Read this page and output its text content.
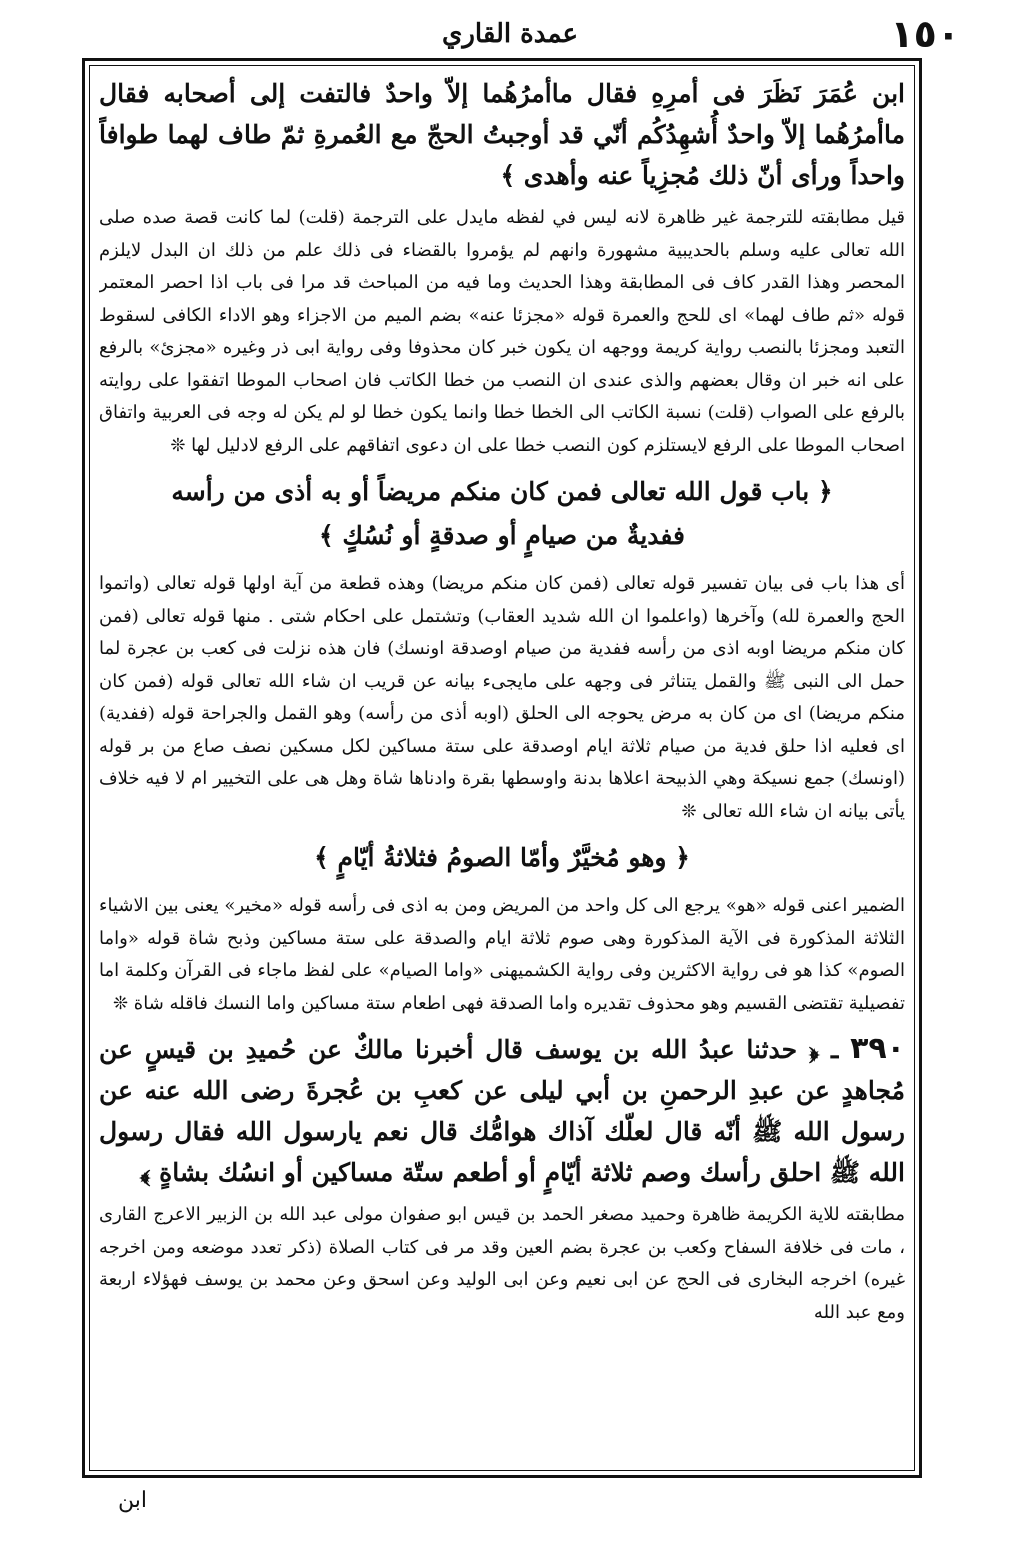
١٥٠
عمدة القاري

ابن عُمَرَ نَظَرَ فى أمرِهِ فقال ماأمرُهُما إلاّ واحدٌ فالتفت إلى أصحابه فقال ماأمرُهُما إلاّ واحدٌ أُشهِدُكُم أنّي قد أوجبتُ الحجّ مع العُمرةِ ثمّ طاف لهما طوافاً واحداً ورأى أنّ ذلك مُجزِياً عنه وأهدى ﴾

قيل مطابقته للترجمة غير ظاهرة لانه ليس في لفظه مايدل على الترجمة (قلت) لما كانت قصة صده صلى الله تعالى عليه وسلم بالحديبية مشهورة وانهم لم يؤمروا بالقضاء فى ذلك علم من ذلك ان البدل لايلزم المحصر وهذا القدر كاف فى المطابقة وهذا الحديث وما فيه من المباحث قد مرا فى باب اذا احصر المعتمر قوله «ثم طاف لهما» اى للحج والعمرة قوله «مجزئا عنه» بضم الميم من الاجزاء وهو الاداء الكافى لسقوط التعبد ومجزئا بالنصب رواية كريمة ووجهه ان يكون خبر كان محذوفا وفى رواية ابى ذر وغيره «مجزئ» بالرفع على انه خبر ان وقال بعضهم والذى عندى ان النصب من خطا الكاتب فان اصحاب الموطا اتفقوا على روايته بالرفع على الصواب (قلت) نسبة الكاتب الى الخطا خطا وانما يكون خطا لو لم يكن له وجه فى العربية واتفاق اصحاب الموطا على الرفع لايستلزم كون النصب خطا على ان دعوى اتفاقهم على الرفع لادليل لها ❊

﴿ باب قول الله تعالى فمن كان منكم مريضاً أو به أذى من رأسه
ففديةٌ من صيامٍ أو صدقةٍ أو نُسُكٍ ﴾

أى هذا باب فى بيان تفسير قوله تعالى (فمن كان منكم مريضا) وهذه قطعة من آية اولها قوله تعالى (واتموا الحج والعمرة لله) وآخرها (واعلموا ان الله شديد العقاب) وتشتمل على احكام شتى . منها قوله تعالى (فمن كان منكم مريضا اوبه اذى من رأسه ففدية من صيام اوصدقة اونسك) فان هذه نزلت فى كعب بن عجرة لما حمل الى النبى ﷺ والقمل يتناثر فى وجهه على مايجىء بيانه عن قريب ان شاء الله تعالى قوله (فمن كان منكم مريضا) اى من كان به مرض يحوجه الى الحلق (اوبه أذى من رأسه) وهو القمل والجراحة قوله (ففدية) اى فعليه اذا حلق فدية من صيام ثلاثة ايام اوصدقة على ستة مساكين لكل مسكين نصف صاع من بر قوله (اونسك) جمع نسيكة وهي الذبيحة اعلاها بدنة واوسطها بقرة وادناها شاة وهل هى على التخيير ام لا فيه خلاف يأتى بيانه ان شاء الله تعالى ❊

﴿ وهو مُخيَّرٌ وأمّا الصومُ فثلاثةُ أيّامٍ ﴾

الضمير اعنى قوله «هو» يرجع الى كل واحد من المريض ومن به اذى فى رأسه قوله «مخير» يعنى بين الاشياء الثلاثة المذكورة فى الآية المذكورة وهى صوم ثلاثة ايام والصدقة على ستة مساكين وذبح شاة قوله «واما الصوم» كذا هو فى رواية الاكثرين وفى رواية الكشميهنى «واما الصيام» على لفظ ماجاء فى القرآن وكلمة اما تفصيلية تقتضى القسيم وهو محذوف تقديره واما الصدقة فهى اطعام ستة مساكين واما النسك فاقله شاة ❊

٣٩٠ ـ ﴿ حدثنا عبدُ الله بن يوسف قال أخبرنا مالكٌ عن حُميدِ بن قيسٍ عن مُجاهدٍ عن عبدِ الرحمنِ بن أبي ليلى عن كعبِ بن عُجرةَ رضى الله عنه عن رسول الله ﷺ أنّه قال لعلّك آذاك هوامُّك قال نعم يارسول الله فقال رسول الله ﷺ احلق رأسك وصم ثلاثة أيّامٍ أو أطعم ستّة مساكين أو انسُك بشاةٍ ﴾

مطابقته للاية الكريمة ظاهرة وحميد مصغر الحمد بن قيس ابو صفوان مولى عبد الله بن الزبير الاعرج القارى ، مات فى خلافة السفاح وكعب بن عجرة بضم العين وقد مر فى كتاب الصلاة (ذكر تعدد موضعه ومن اخرجه غيره) اخرجه البخارى فى الحج عن ابى نعيم وعن ابى الوليد وعن اسحق وعن محمد بن يوسف فهؤلاء اربعة ومع عبد الله

ابن
